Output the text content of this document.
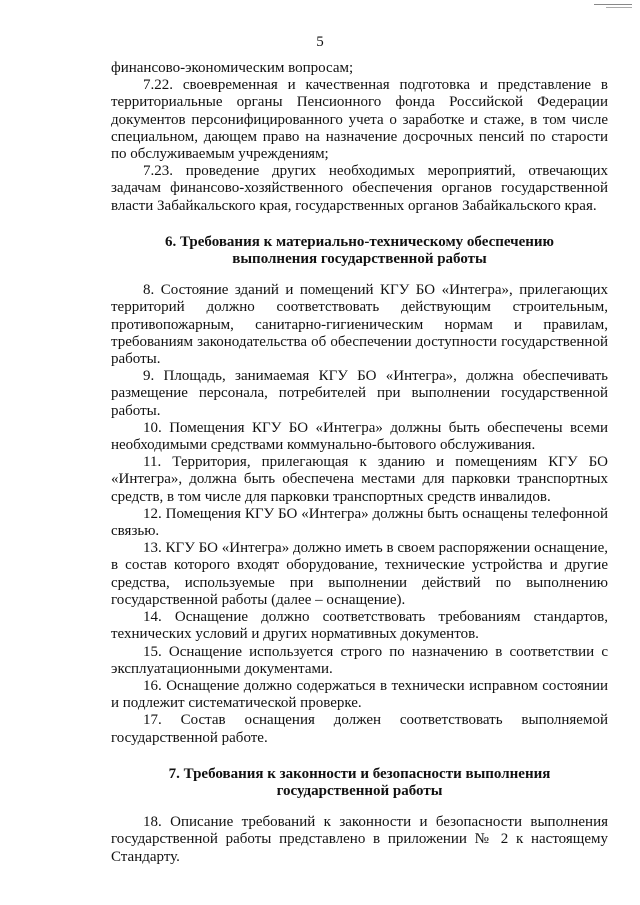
5

финансово-экономическим вопросам;

7.22. своевременная и качественная подготовка и представление в территориальные органы Пенсионного фонда Российской Федерации документов персонифицированного учета о заработке и стаже, в том числе специальном, дающем право на назначение досрочных пенсий по старости по обслуживаемым учреждениям;

7.23. проведение других необходимых мероприятий, отвечающих задачам финансово-хозяйственного обеспечения органов государственной власти Забайкальского края, государственных органов Забайкальского края.

6. Требования к материально-техническому обеспечению
выполнения государственной работы

8. Состояние зданий и помещений КГУ БО «Интегра», прилегающих территорий должно соответствовать действующим строительным, противопожарным, санитарно-гигиеническим нормам и правилам, требованиям законодательства об обеспечении доступности государственной работы.

9. Площадь, занимаемая КГУ БО «Интегра», должна обеспечивать размещение персонала, потребителей при выполнении государственной работы.

10. Помещения КГУ БО «Интегра» должны быть обеспечены всеми необходимыми средствами коммунально-бытового обслуживания.

11. Территория, прилегающая к зданию и помещениям КГУ БО «Интегра», должна быть обеспечена местами для парковки транспортных средств, в том числе для парковки транспортных средств инвалидов.

12. Помещения КГУ БО «Интегра» должны быть оснащены телефонной связью.

13. КГУ БО «Интегра» должно иметь в своем распоряжении оснащение, в состав которого входят оборудование, технические устройства и другие средства, используемые при выполнении действий по выполнению государственной работы (далее – оснащение).

14. Оснащение должно соответствовать требованиям стандартов, технических условий и других нормативных документов.

15. Оснащение используется строго по назначению в соответствии с эксплуатационными документами.

16. Оснащение должно содержаться в технически исправном состоянии и подлежит систематической проверке.

17. Состав оснащения должен соответствовать выполняемой государственной работе.

7. Требования к законности и безопасности выполнения
государственной работы

18. Описание требований к законности и безопасности выполнения государственной работы представлено в приложении № 2 к настоящему Стандарту.
